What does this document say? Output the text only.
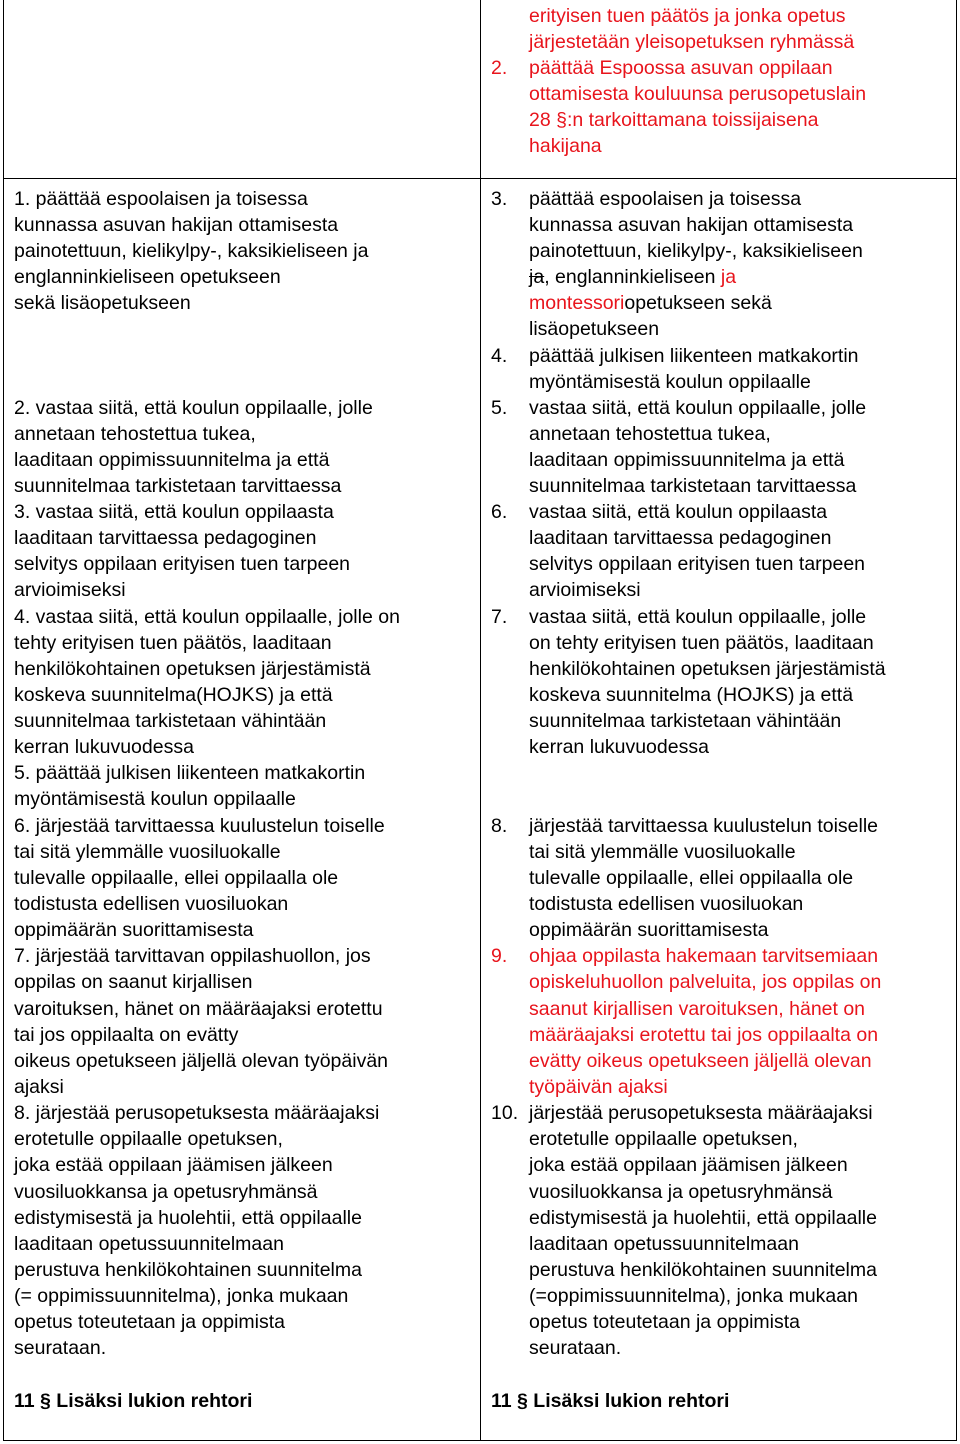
erityisen tuen päätös ja jonka opetus
järjestetään yleisopetuksen ryhmässä
2. päättää Espoossa asuvan oppilaan
ottamisesta kouluunsa perusopetuslain
28 §:n tarkoittamana toissijaisena
hakijana
1. päättää espoolaisen ja toisessa
kunnassa asuvan hakijan ottamisesta
painotettuun, kielikylpy-, kaksikieliseen ja
englanninkieliseen opetukseen
sekä lisäopetukseen
2. vastaa siitä, että koulun oppilaalle, jolle
annetaan tehostettua tukea,
laaditaan oppimissuunnitelma ja että
suunnitelmaa tarkistetaan tarvittaessa
3. vastaa siitä, että koulun oppilaasta
laaditaan tarvittaessa pedagoginen
selvitys oppilaan erityisen tuen tarpeen
arvioimiseksi
4. vastaa siitä, että koulun oppilaalle, jolle on
tehty erityisen tuen päätös, laaditaan
henkilökohtainen opetuksen järjestämistä
koskeva suunnitelma(HOJKS) ja että
suunnitelmaa tarkistetaan vähintään
kerran lukuvuodessa
5. päättää julkisen liikenteen matkakortin
myöntämisestä koulun oppilaalle
6. järjestää tarvittaessa kuulustelun toiselle
tai sitä ylemmälle vuosiluokalle
tulevalle oppilaalle, ellei oppilaalla ole
todistusta edellisen vuosiluokan
oppimäärän suorittamisesta
7. järjestää tarvittavan oppilashuollon, jos
oppilas on saanut kirjallisen
varoituksen, hänet on määräajaksi erotettu
tai jos oppilaalta on evätty
oikeus opetukseen jäljellä olevan työpäivän
ajaksi
8. järjestää perusopetuksesta määräajaksi
erotetulle oppilaalle opetuksen,
joka estää oppilaan jäämisen jälkeen
vuosiluokkansa ja opetusryhmänsä
edistymisestä ja huolehtii, että oppilaalle
laaditaan opetussuunnitelmaan
perustuva henkilökohtainen suunnitelma
(= oppimissuunnitelma), jonka mukaan
opetus toteutetaan ja oppimista
seurataan.
11 § Lisäksi lukion rehtori
3. päättää espoolaisen ja toisessa
kunnassa asuvan hakijan ottamisesta
painotettuun, kielikylpy-, kaksikieliseen
ja, englanninkieliseen ja
montessoriopetukseen sekä
lisäopetukseen
4. päättää julkisen liikenteen matkakortin
myöntämisestä koulun oppilaalle
5. vastaa siitä, että koulun oppilaalle, jolle
annetaan tehostettua tukea,
laaditaan oppimissuunnitelma ja että
suunnitelmaa tarkistetaan tarvittaessa
6. vastaa siitä, että koulun oppilaasta
laaditaan tarvittaessa pedagoginen
selvitys oppilaan erityisen tuen tarpeen
arvioimiseksi
7. vastaa siitä, että koulun oppilaalle, jolle
on tehty erityisen tuen päätös, laaditaan
henkilökohtainen opetuksen järjestämistä
koskeva suunnitelma (HOJKS) ja että
suunnitelmaa tarkistetaan vähintään
kerran lukuvuodessa
8. järjestää tarvittaessa kuulustelun toiselle
tai sitä ylemmälle vuosiluokalle
tulevalle oppilaalle, ellei oppilaalla ole
todistusta edellisen vuosiluokan
oppimäärän suorittamisesta
9. ohjaa oppilasta hakemaan tarvitsemiaan
opiskeluhuollon palveluita, jos oppilas on
saanut kirjallisen varoituksen, hänet on
määräajaksi erotettu tai jos oppilaalta on
evätty oikeus opetukseen jäljellä olevan
työpäivän ajaksi
10. järjestää perusopetuksesta määräajaksi
erotetulle oppilaalle opetuksen,
joka estää oppilaan jäämisen jälkeen
vuosiluokkansa ja opetusryhmänsä
edistymisestä ja huolehtii, että oppilaalle
laaditaan opetussuunnitelmaan
perustuva henkilökohtainen suunnitelma
(=oppimissuunnitelma), jonka mukaan
opetus toteutetaan ja oppimista
seurataan.
11 § Lisäksi lukion rehtori
